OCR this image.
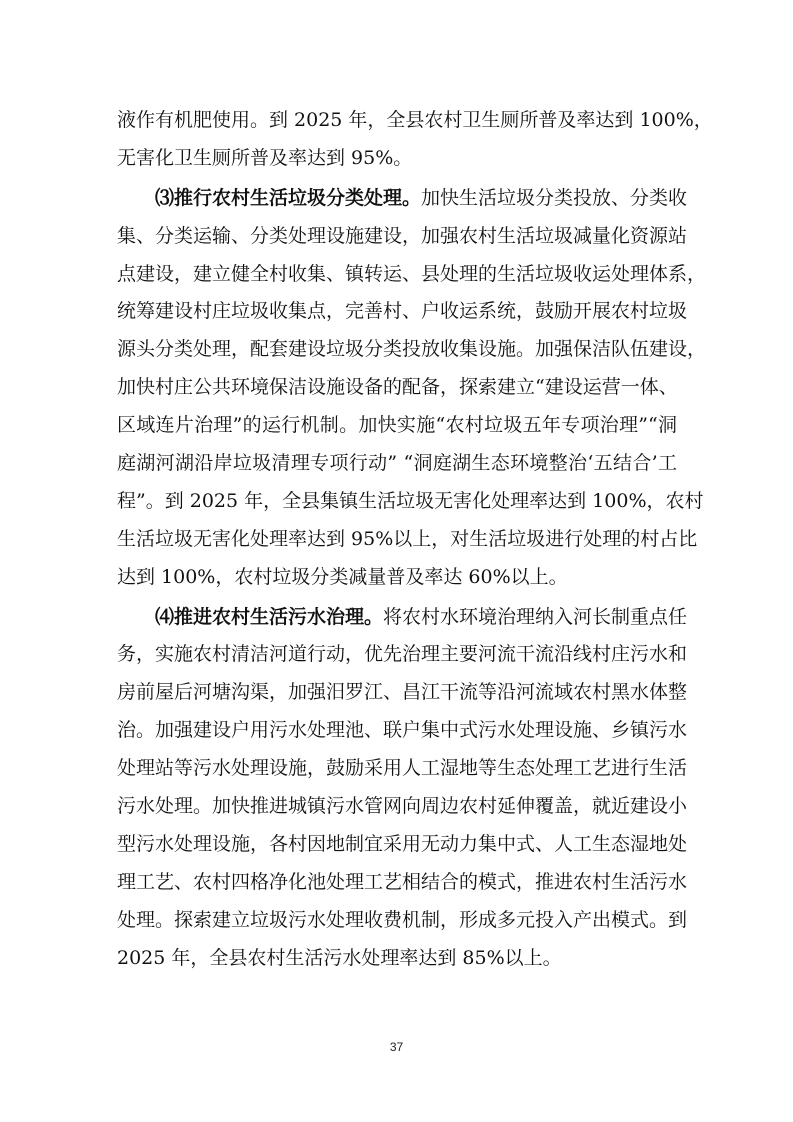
液作有机肥使用。到 2025 年，全县农村卫生厕所普及率达到 100%，
无害化卫生厕所普及率达到 95%。
⑶推行农村生活垃圾分类处理。加快生活垃圾分类投放、分类收
集、分类运输、分类处理设施建设，加强农村生活垃圾减量化资源站
点建设，建立健全村收集、镇转运、县处理的生活垃圾收运处理体系，
统筹建设村庄垃圾收集点，完善村、户收运系统，鼓励开展农村垃圾
源头分类处理，配套建设垃圾分类投放收集设施。加强保洁队伍建设，
加快村庄公共环境保洁设施设备的配备，探索建立“建设运营一体、
区域连片治理”的运行机制。加快实施“农村垃圾五年专项治理”“洞
庭湖河湖沿岸垃圾清理专项行动” “洞庭湖生态环境整治‘五结合’工
程”。到 2025 年，全县集镇生活垃圾无害化处理率达到 100%，农村
生活垃圾无害化处理率达到 95%以上，对生活垃圾进行处理的村占比
达到 100%，农村垃圾分类减量普及率达 60%以上。
⑷推进农村生活污水治理。将农村水环境治理纳入河长制重点任
务，实施农村清洁河道行动，优先治理主要河流干流沿线村庄污水和
房前屋后河塘沟渠，加强汨罗江、昌江干流等沿河流域农村黑水体整
治。加强建设户用污水处理池、联户集中式污水处理设施、乡镇污水
处理站等污水处理设施，鼓励采用人工湿地等生态处理工艺进行生活
污水处理。加快推进城镇污水管网向周边农村延伸覆盖，就近建设小
型污水处理设施，各村因地制宜采用无动力集中式、人工生态湿地处
理工艺、农村四格净化池处理工艺相结合的模式，推进农村生活污水
处理。探索建立垃圾污水处理收费机制，形成多元投入产出模式。到
2025 年，全县农村生活污水处理率达到 85%以上。
37
